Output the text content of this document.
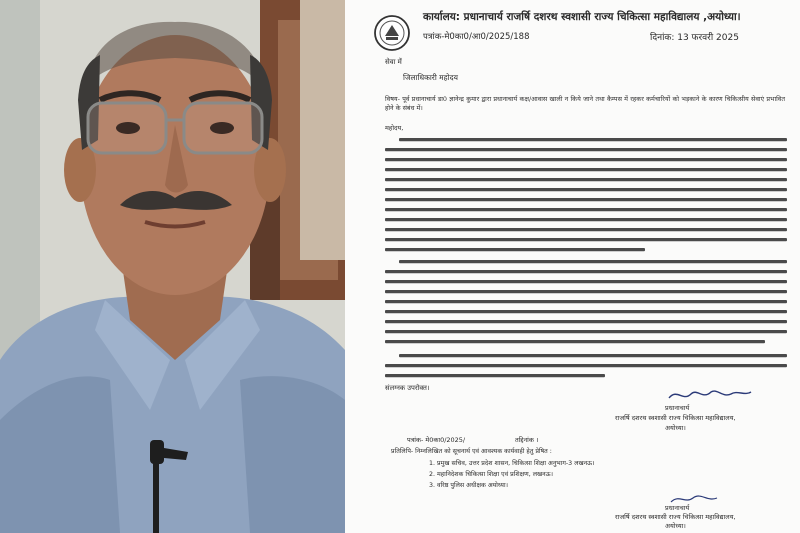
कार्यालय: प्रधानाचार्य राजर्षि दशरथ स्वशासी राज्य चिकित्सा महाविद्यालय ,अयोध्या।
पत्रांक-मे0का0/आ0/2025/188	दिनांक: 13 फरवरी 2025
सेवा में
जिलाधिकारी महोदय
विषय- पूर्व प्रधानाचार्य डा0 ज्ञानेन्द्र कुमार द्वारा प्रधानाचार्य कक्ष/आवास खाली न किये जाने तथा कैम्पस में रहकर कर्मचारियों को भड़काने के कारण चिकित्सीय सेवाएं प्रभावित होने के संबंध में।
महोदय,
संलग्नक उपरोक्त।
प्रधानाचार्य
राजर्षि दशरथ स्वशासी राज्य चिकित्सा महाविद्यालय,
अयोध्या।
पत्रांक- मे0का0/2025/	तद्दिनांक ।
प्रतिलिपि- निम्नलिखित को सूचनार्थ एवं आवश्यक कार्यवाही हेतु प्रेषित :
1. प्रमुख सचिव, उत्तर प्रदेश शासन, चिकित्सा शिक्षा अनुभाग-3 लखनऊ।
2. महानिदेशक चिकित्सा शिक्षा एवं प्रशिक्षण, लखनऊ।
3. वरिष्ठ पुलिस अधीक्षक अयोध्या।
प्रधानाचार्य
राजर्षि दशरथ स्वशासी राज्य चिकित्सा महाविद्यालय,
अयोध्या।
